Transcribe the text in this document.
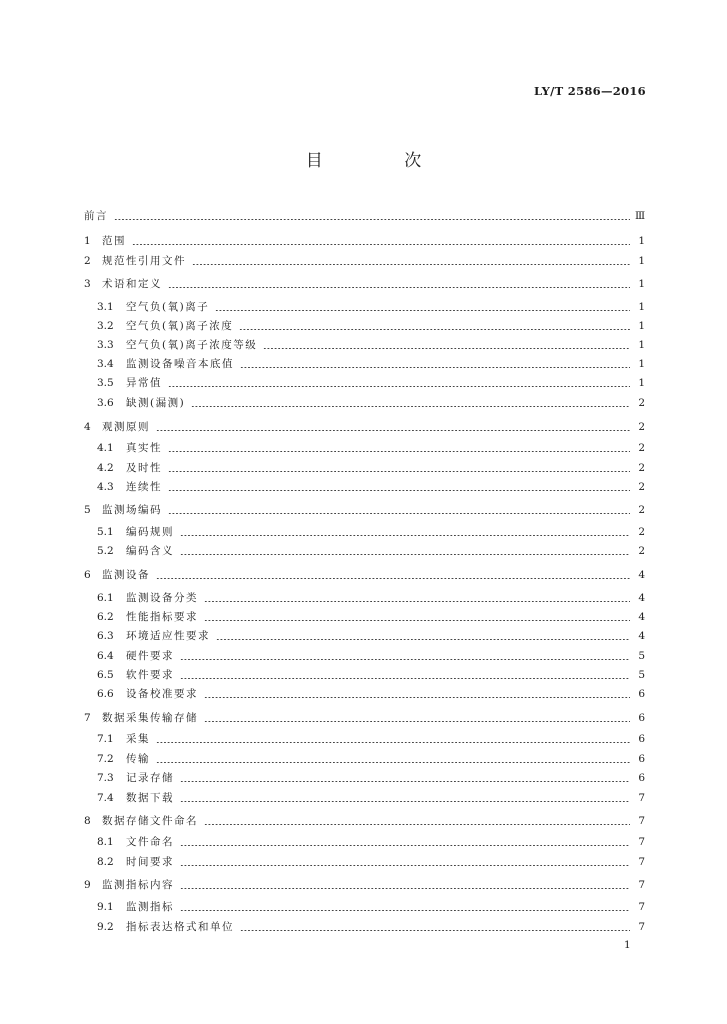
LY/T 2586—2016
目 次
前言	Ⅲ
1	范围	1
2	规范性引用文件	1
3	术语和定义	1
3.1	空气负(氧)离子	1
3.2	空气负(氧)离子浓度	1
3.3	空气负(氧)离子浓度等级	1
3.4	监测设备噪音本底值	1
3.5	异常值	1
3.6	缺测(漏测)	2
4	观测原则	2
4.1	真实性	2
4.2	及时性	2
4.3	连续性	2
5	监测场编码	2
5.1	编码规则	2
5.2	编码含义	2
6	监测设备	4
6.1	监测设备分类	4
6.2	性能指标要求	4
6.3	环境适应性要求	4
6.4	硬件要求	5
6.5	软件要求	5
6.6	设备校准要求	6
7	数据采集传输存储	6
7.1	采集	6
7.2	传输	6
7.3	记录存储	6
7.4	数据下载	7
8	数据存储文件命名	7
8.1	文件命名	7
8.2	时间要求	7
9	监测指标内容	7
9.1	监测指标	7
9.2	指标表达格式和单位	7
1
